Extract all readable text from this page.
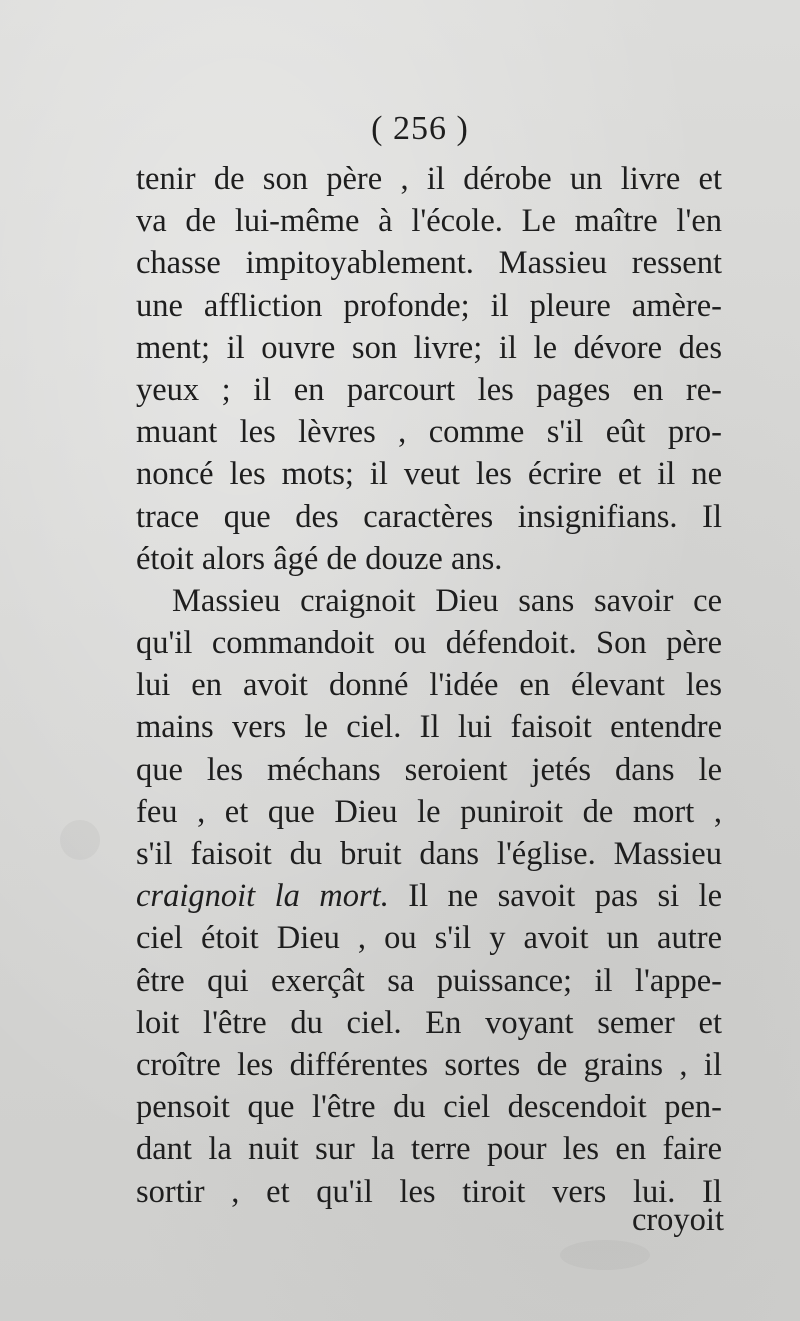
( 256 )
tenir de son père , il dérobe un livre et
va de lui-même à l'école. Le maître l'en
chasse impitoyablement. Massieu ressent
une affliction profonde; il pleure amère-
ment; il ouvre son livre; il le dévore des
yeux ; il en parcourt les pages en re-
muant les lèvres , comme s'il eût pro-
noncé les mots; il veut les écrire et il ne
trace que des caractères insignifians. Il
étoit alors âgé de douze ans.
Massieu craignoit Dieu sans savoir ce
qu'il commandoit ou défendoit. Son père
lui en avoit donné l'idée en élevant les
mains vers le ciel. Il lui faisoit entendre
que les méchans seroient jetés dans le
feu , et que Dieu le puniroit de mort ,
s'il faisoit du bruit dans l'église. Massieu
craignoit la mort. Il ne savoit pas si le
ciel étoit Dieu , ou s'il y avoit un autre
être qui exerçât sa puissance; il l'appe-
loit l'être du ciel. En voyant semer et
croître les différentes sortes de grains , il
pensoit que l'être du ciel descendoit pen-
dant la nuit sur la terre pour les en faire
sortir , et qu'il les tiroit vers lui. Il
croyoit
